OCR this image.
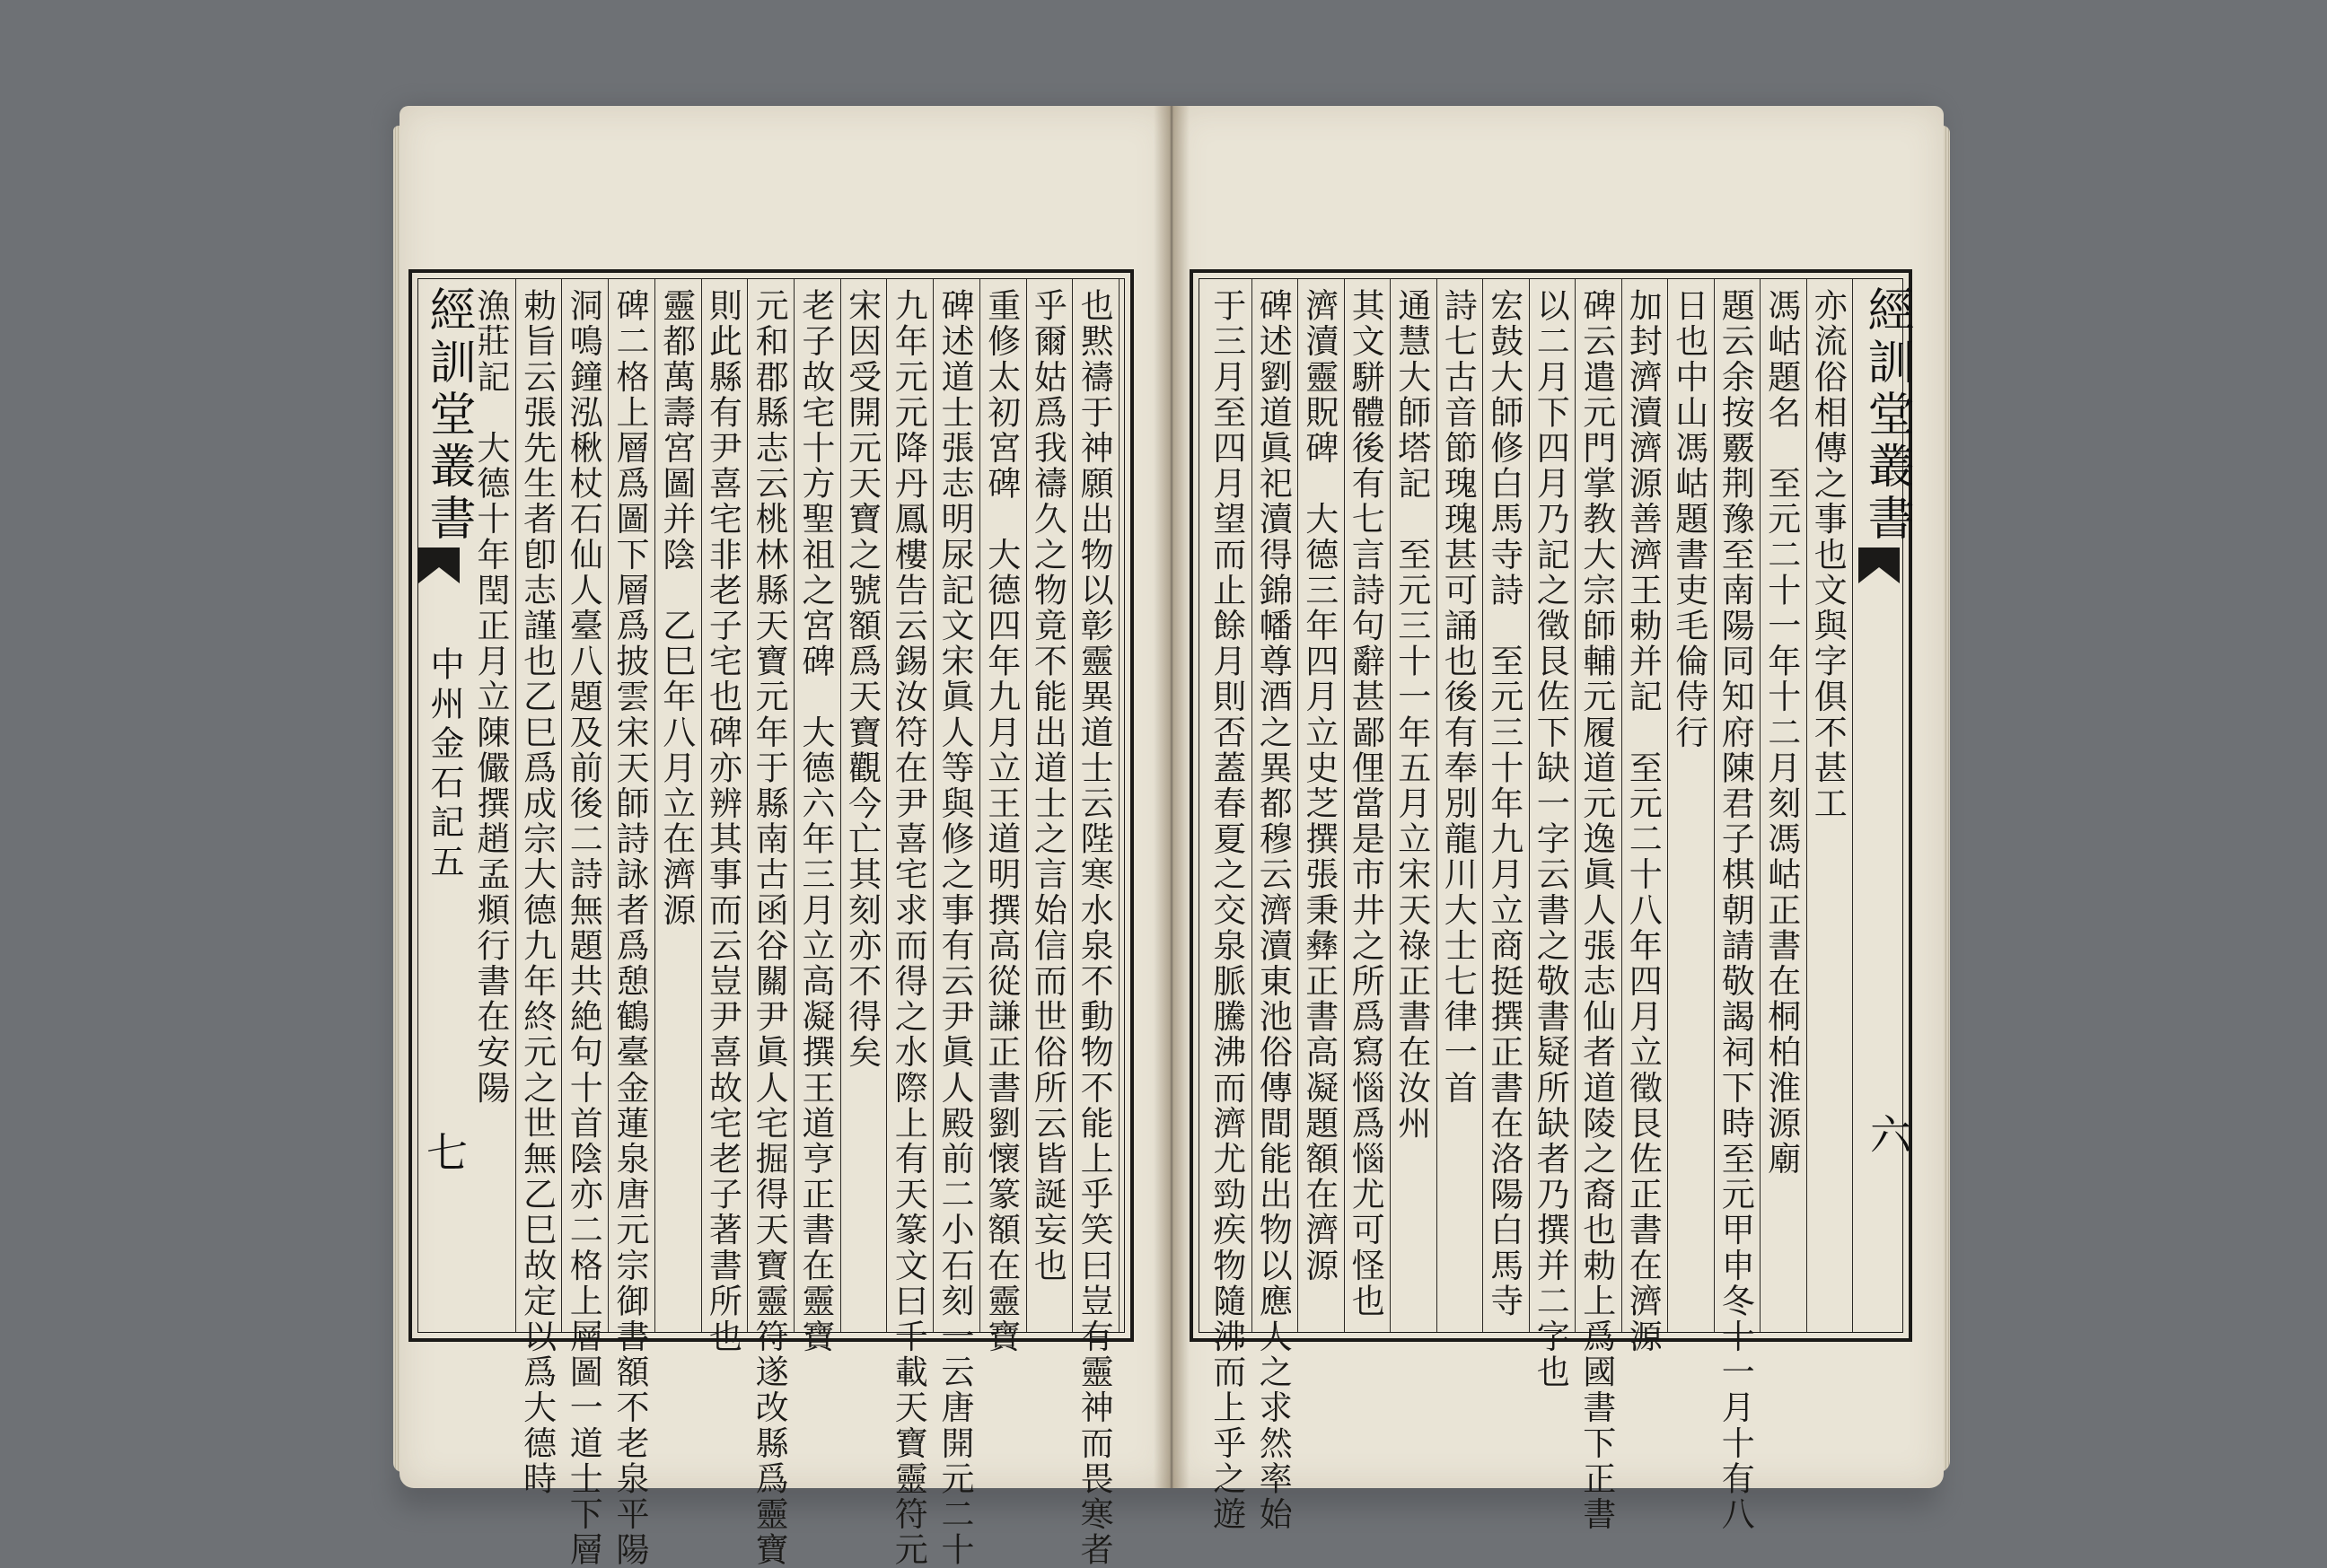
也黙禱于神願出物以彰靈異道士云陛寒水泉不動物不能上乎笑曰豈有靈神而畏寒者
乎爾姑爲我禱久之物竟不能出道士之言始信而世俗所云皆誕妄也
重修太初宮碑　大德四年九月立王道明撰高從謙正書劉懷篆額在靈寶
碑述道士張志明尿記文宋眞人等與修之事有云尹眞人殿前二小石刻一云唐開元二十
九年元元降丹鳳樓告云錫汝符在尹喜宅求而得之水際上有天篆文曰千載天寶靈符元
宋因受開元天寶之號額爲天寶觀今亡其刻亦不得矣
老子故宅十方聖祖之宮碑　大德六年三月立高凝撰王道亨正書在靈寶
元和郡縣志云桃林縣天寶元年于縣南古函谷關尹眞人宅掘得天寶靈符遂改縣爲靈寶
則此縣有尹喜宅非老子宅也碑亦辨其事而云豈尹喜故宅老子著書所也
靈都萬壽宮圖并陰　乙巳年八月立在濟源
碑二格上層爲圖下層爲披雲宋天師詩詠者爲憩鶴臺金蓮泉唐元宗御書額不老泉平陽
洞鳴鐘泓楸杖石仙人臺八題及前後二詩無題共絶句十首陰亦二格上層圖一道士下層
勅旨云張先生者卽志謹也乙巳爲成宗大德九年終元之世無乙巳故定以爲大德時
漁莊記　大德十年閏正月立陳儼撰趙孟頫行書在安陽	亦流俗相傳之事也文與字俱不甚工
馮岵題名　至元二十一年十二月刻馮岵正書在桐柏淮源廟
題云余按覈荆豫至南陽同知府陳君子棋朝請敬謁祠下時至元甲申冬十一月十有八
日也中山馮岵題書吏毛倫侍行
加封濟瀆濟源善濟王勅并記　至元二十八年四月立徵艮佐正書在濟源
碑云遣元門掌教大宗師輔元履道元逸眞人張志仙者道陵之裔也勅上爲國書下正書
以二月下四月乃記之徵艮佐下缺一字云書之敬書疑所缺者乃撰并二字也
宏鼓大師修白馬寺詩　至元三十年九月立商挺撰正書在洛陽白馬寺
詩七古音節瑰瑰甚可誦也後有奉別龍川大士七律一首
通慧大師塔記　至元三十一年五月立宋天祿正書在汝州
其文駢體後有七言詩句辭甚鄙俚當是市井之所爲寫惱爲惱尤可怪也
濟瀆靈貺碑　大德三年四月立史芝撰張秉彝正書高凝題額在濟源
碑述劉道眞祀瀆得錦幡尊酒之異都穆云濟瀆東池俗傳間能出物以應人之求然率始
于三月至四月望而止餘月則否蓋春夏之交泉脈騰沸而濟尤勁疾物隨沸而上乎之遊
經訓堂叢書
中州金石記五
七
經訓堂叢書
六
